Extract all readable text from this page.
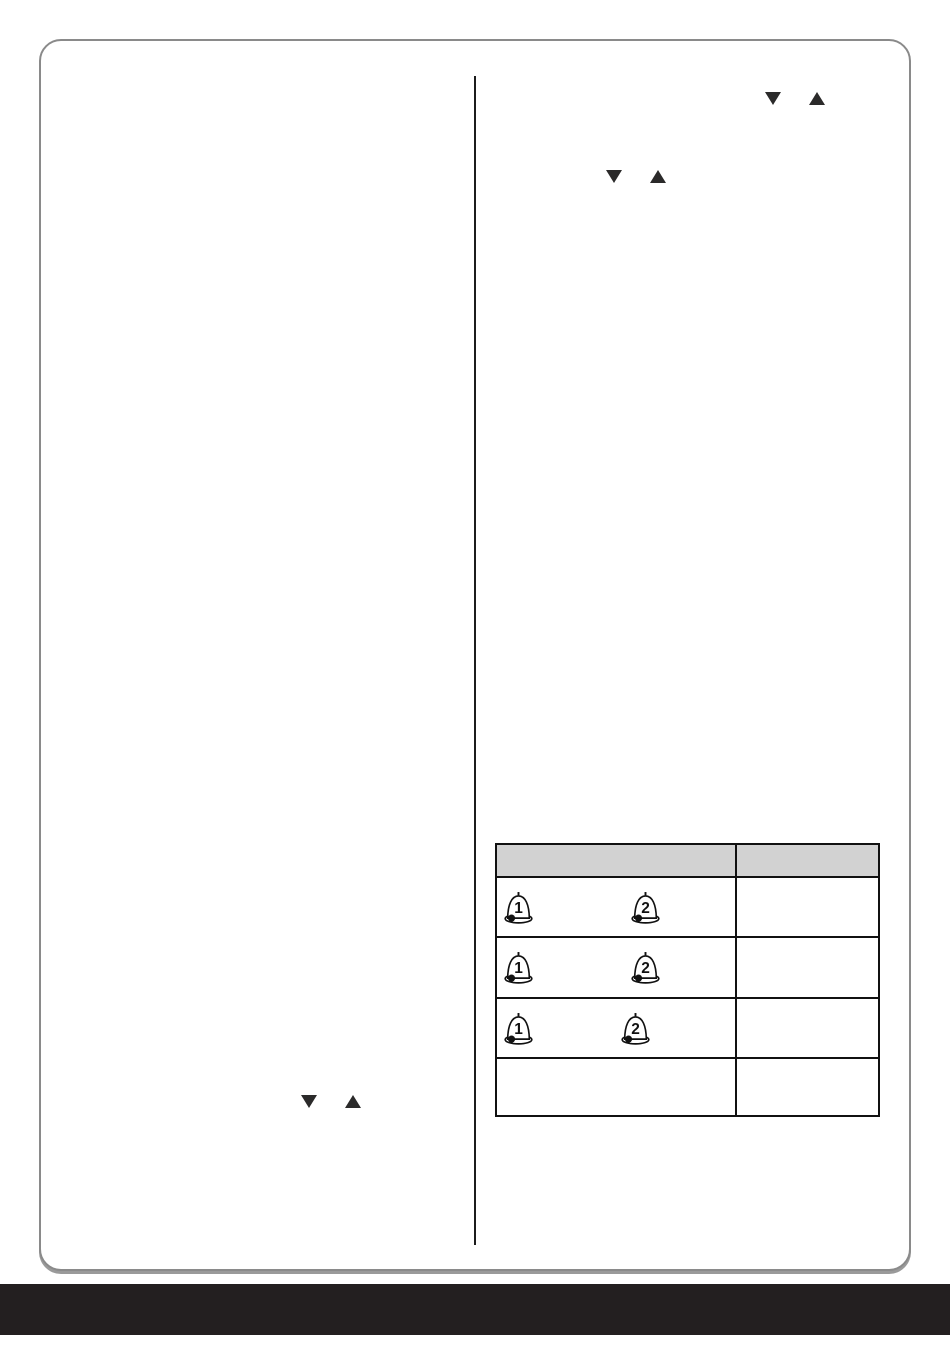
1 2	

1 2	

1 2	
